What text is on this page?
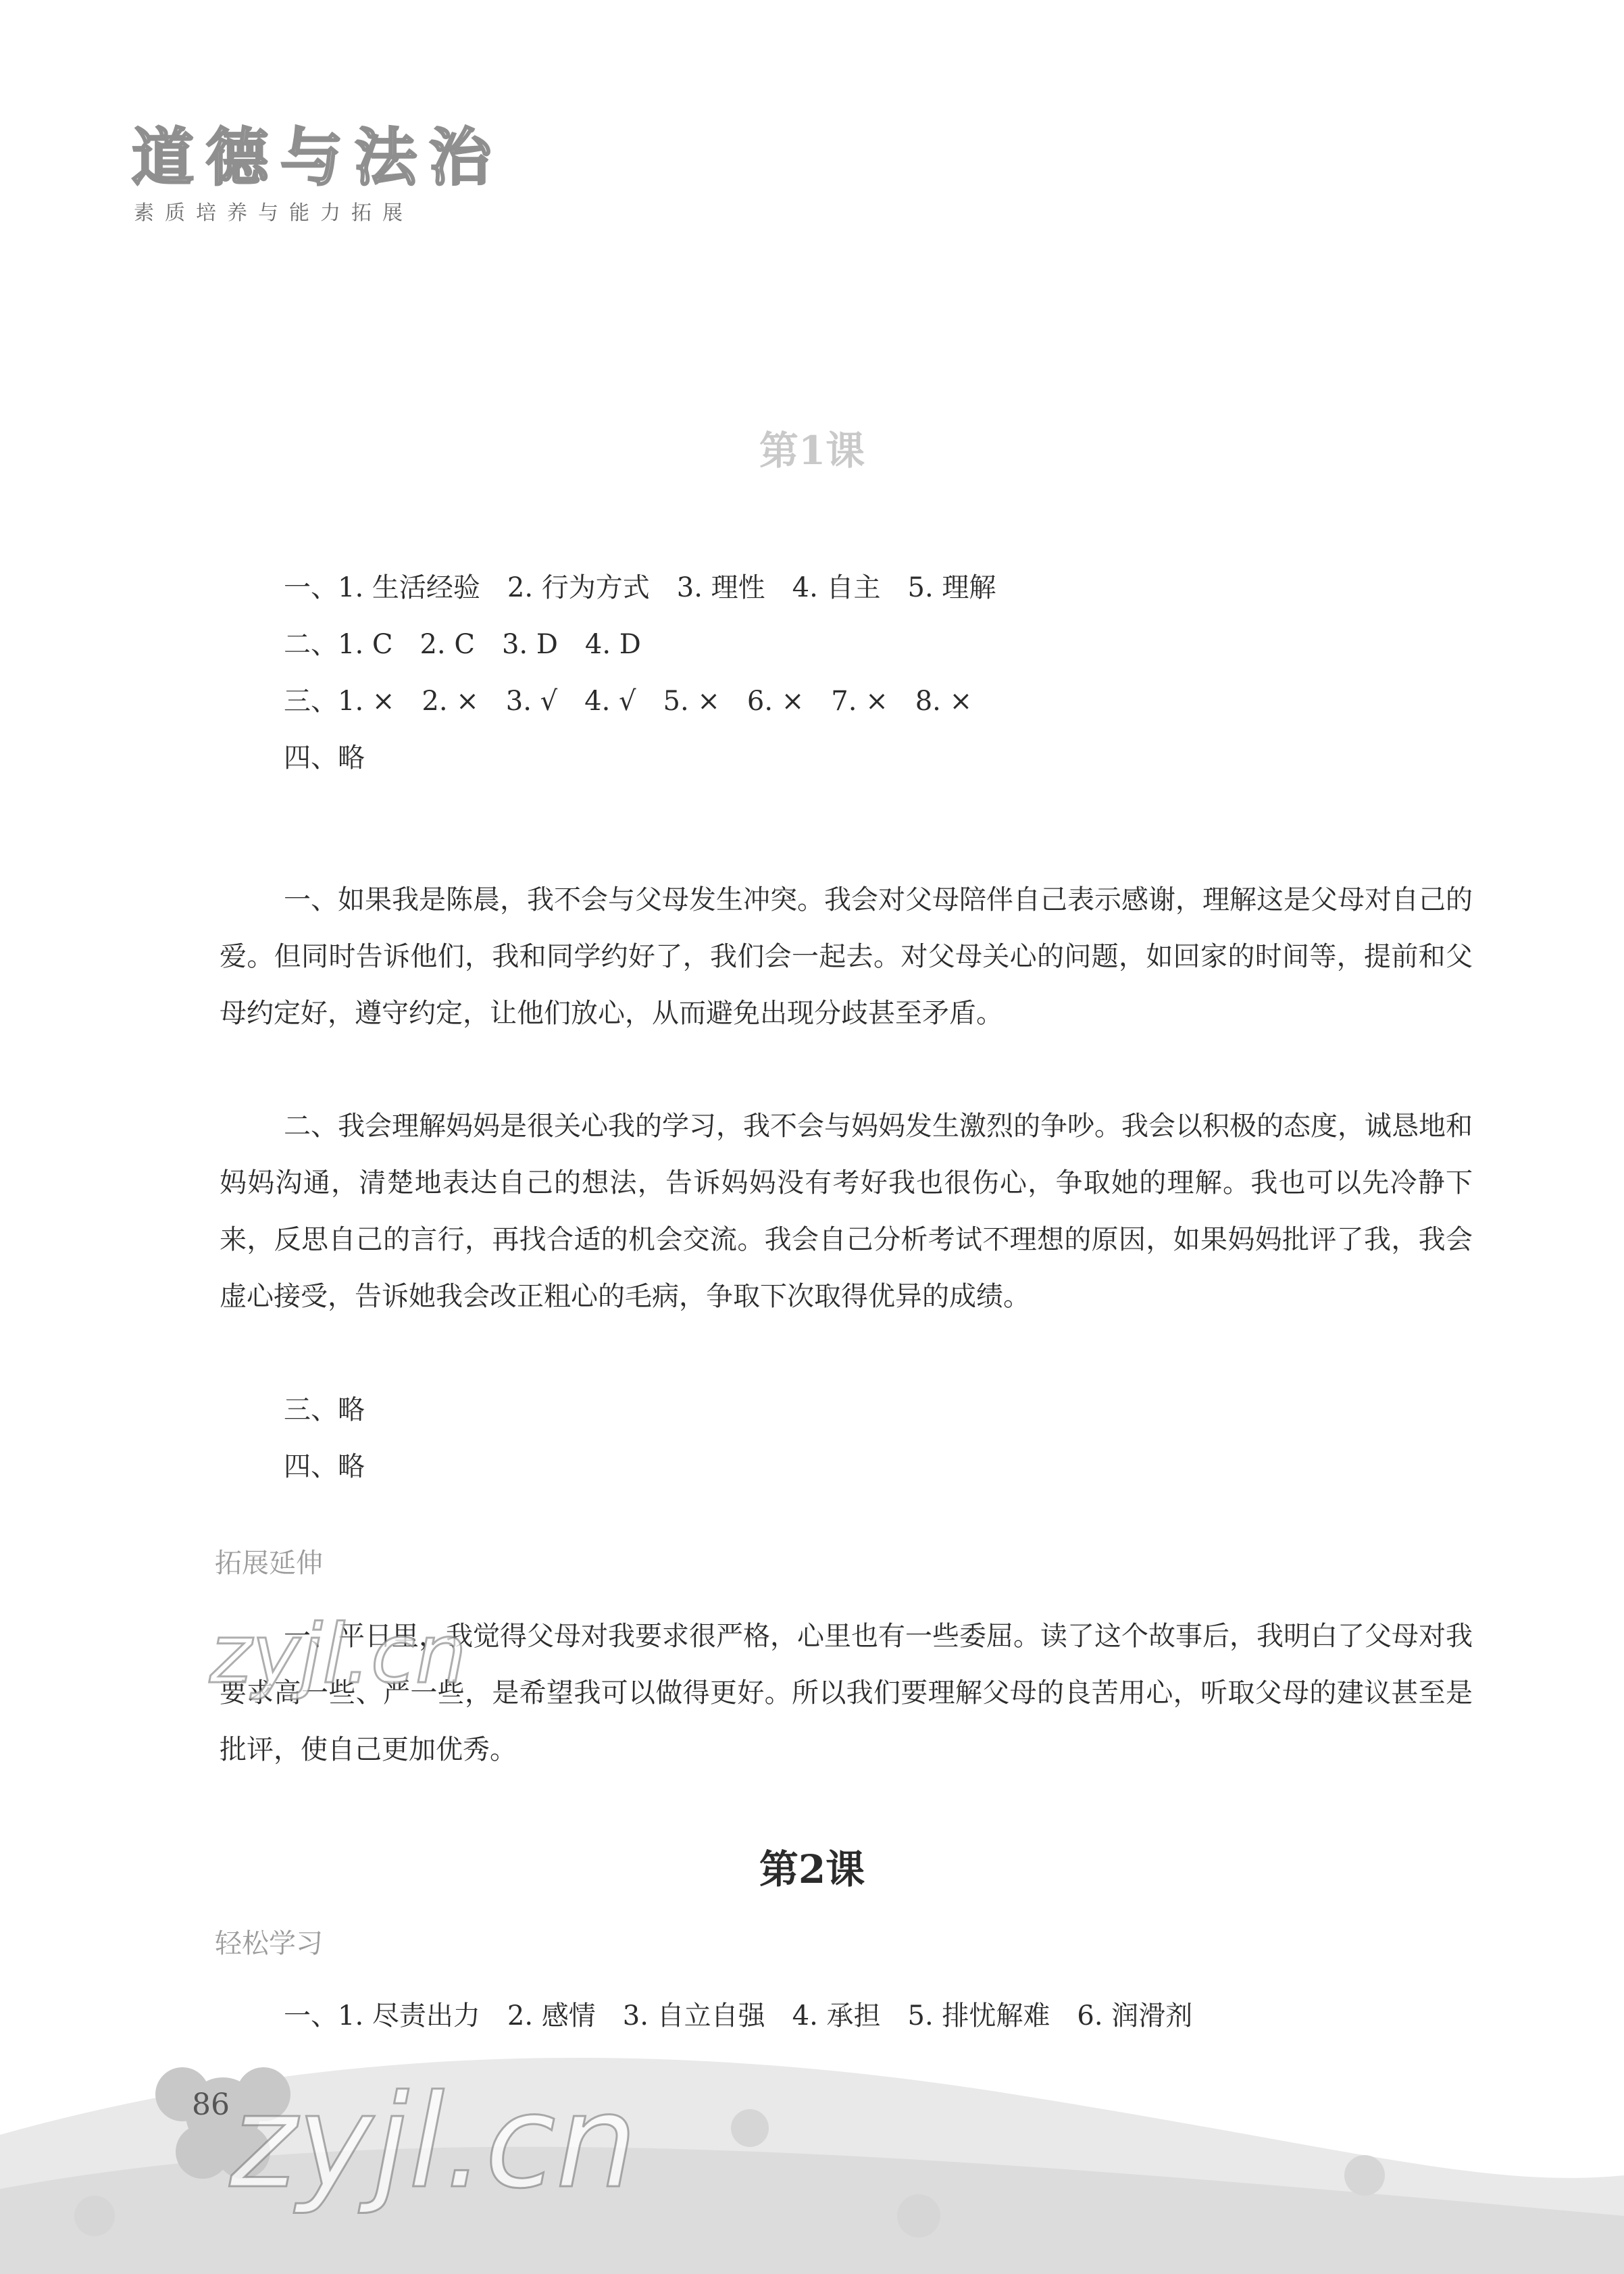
道德与法治
素质培养与能力拓展
第1课
一、1. 生活经验　2. 行为方式　3. 理性　4. 自主　5. 理解
二、1. C　2. C　3. D　4. D
三、1. ×　2. ×　3. √　4. √　5. ×　6. ×　7. ×　8. ×
四、略
一、如果我是陈晨，我不会与父母发生冲突。我会对父母陪伴自己表示感谢，理解这是父母对自己的爱。但同时告诉他们，我和同学约好了，我们会一起去。对父母关心的问题，如回家的时间等，提前和父母约定好，遵守约定，让他们放心，从而避免出现分歧甚至矛盾。
二、我会理解妈妈是很关心我的学习，我不会与妈妈发生激烈的争吵。我会以积极的态度，诚恳地和妈妈沟通，清楚地表达自己的想法，告诉妈妈没有考好我也很伤心，争取她的理解。我也可以先冷静下来，反思自己的言行，再找合适的机会交流。我会自己分析考试不理想的原因，如果妈妈批评了我，我会虚心接受，告诉她我会改正粗心的毛病，争取下次取得优异的成绩。
三、略
四、略
拓展延伸
一、平日里，我觉得父母对我要求很严格，心里也有一些委屈。读了这个故事后，我明白了父母对我要求高一些、严一些，是希望我可以做得更好。所以我们要理解父母的良苦用心，听取父母的建议甚至是批评，使自己更加优秀。
第2课
轻松学习
一、1. 尽责出力　2. 感情　3. 自立自强　4. 承担　5. 排忧解难　6. 润滑剂
86
zyjl.cn
zyjl.cn
